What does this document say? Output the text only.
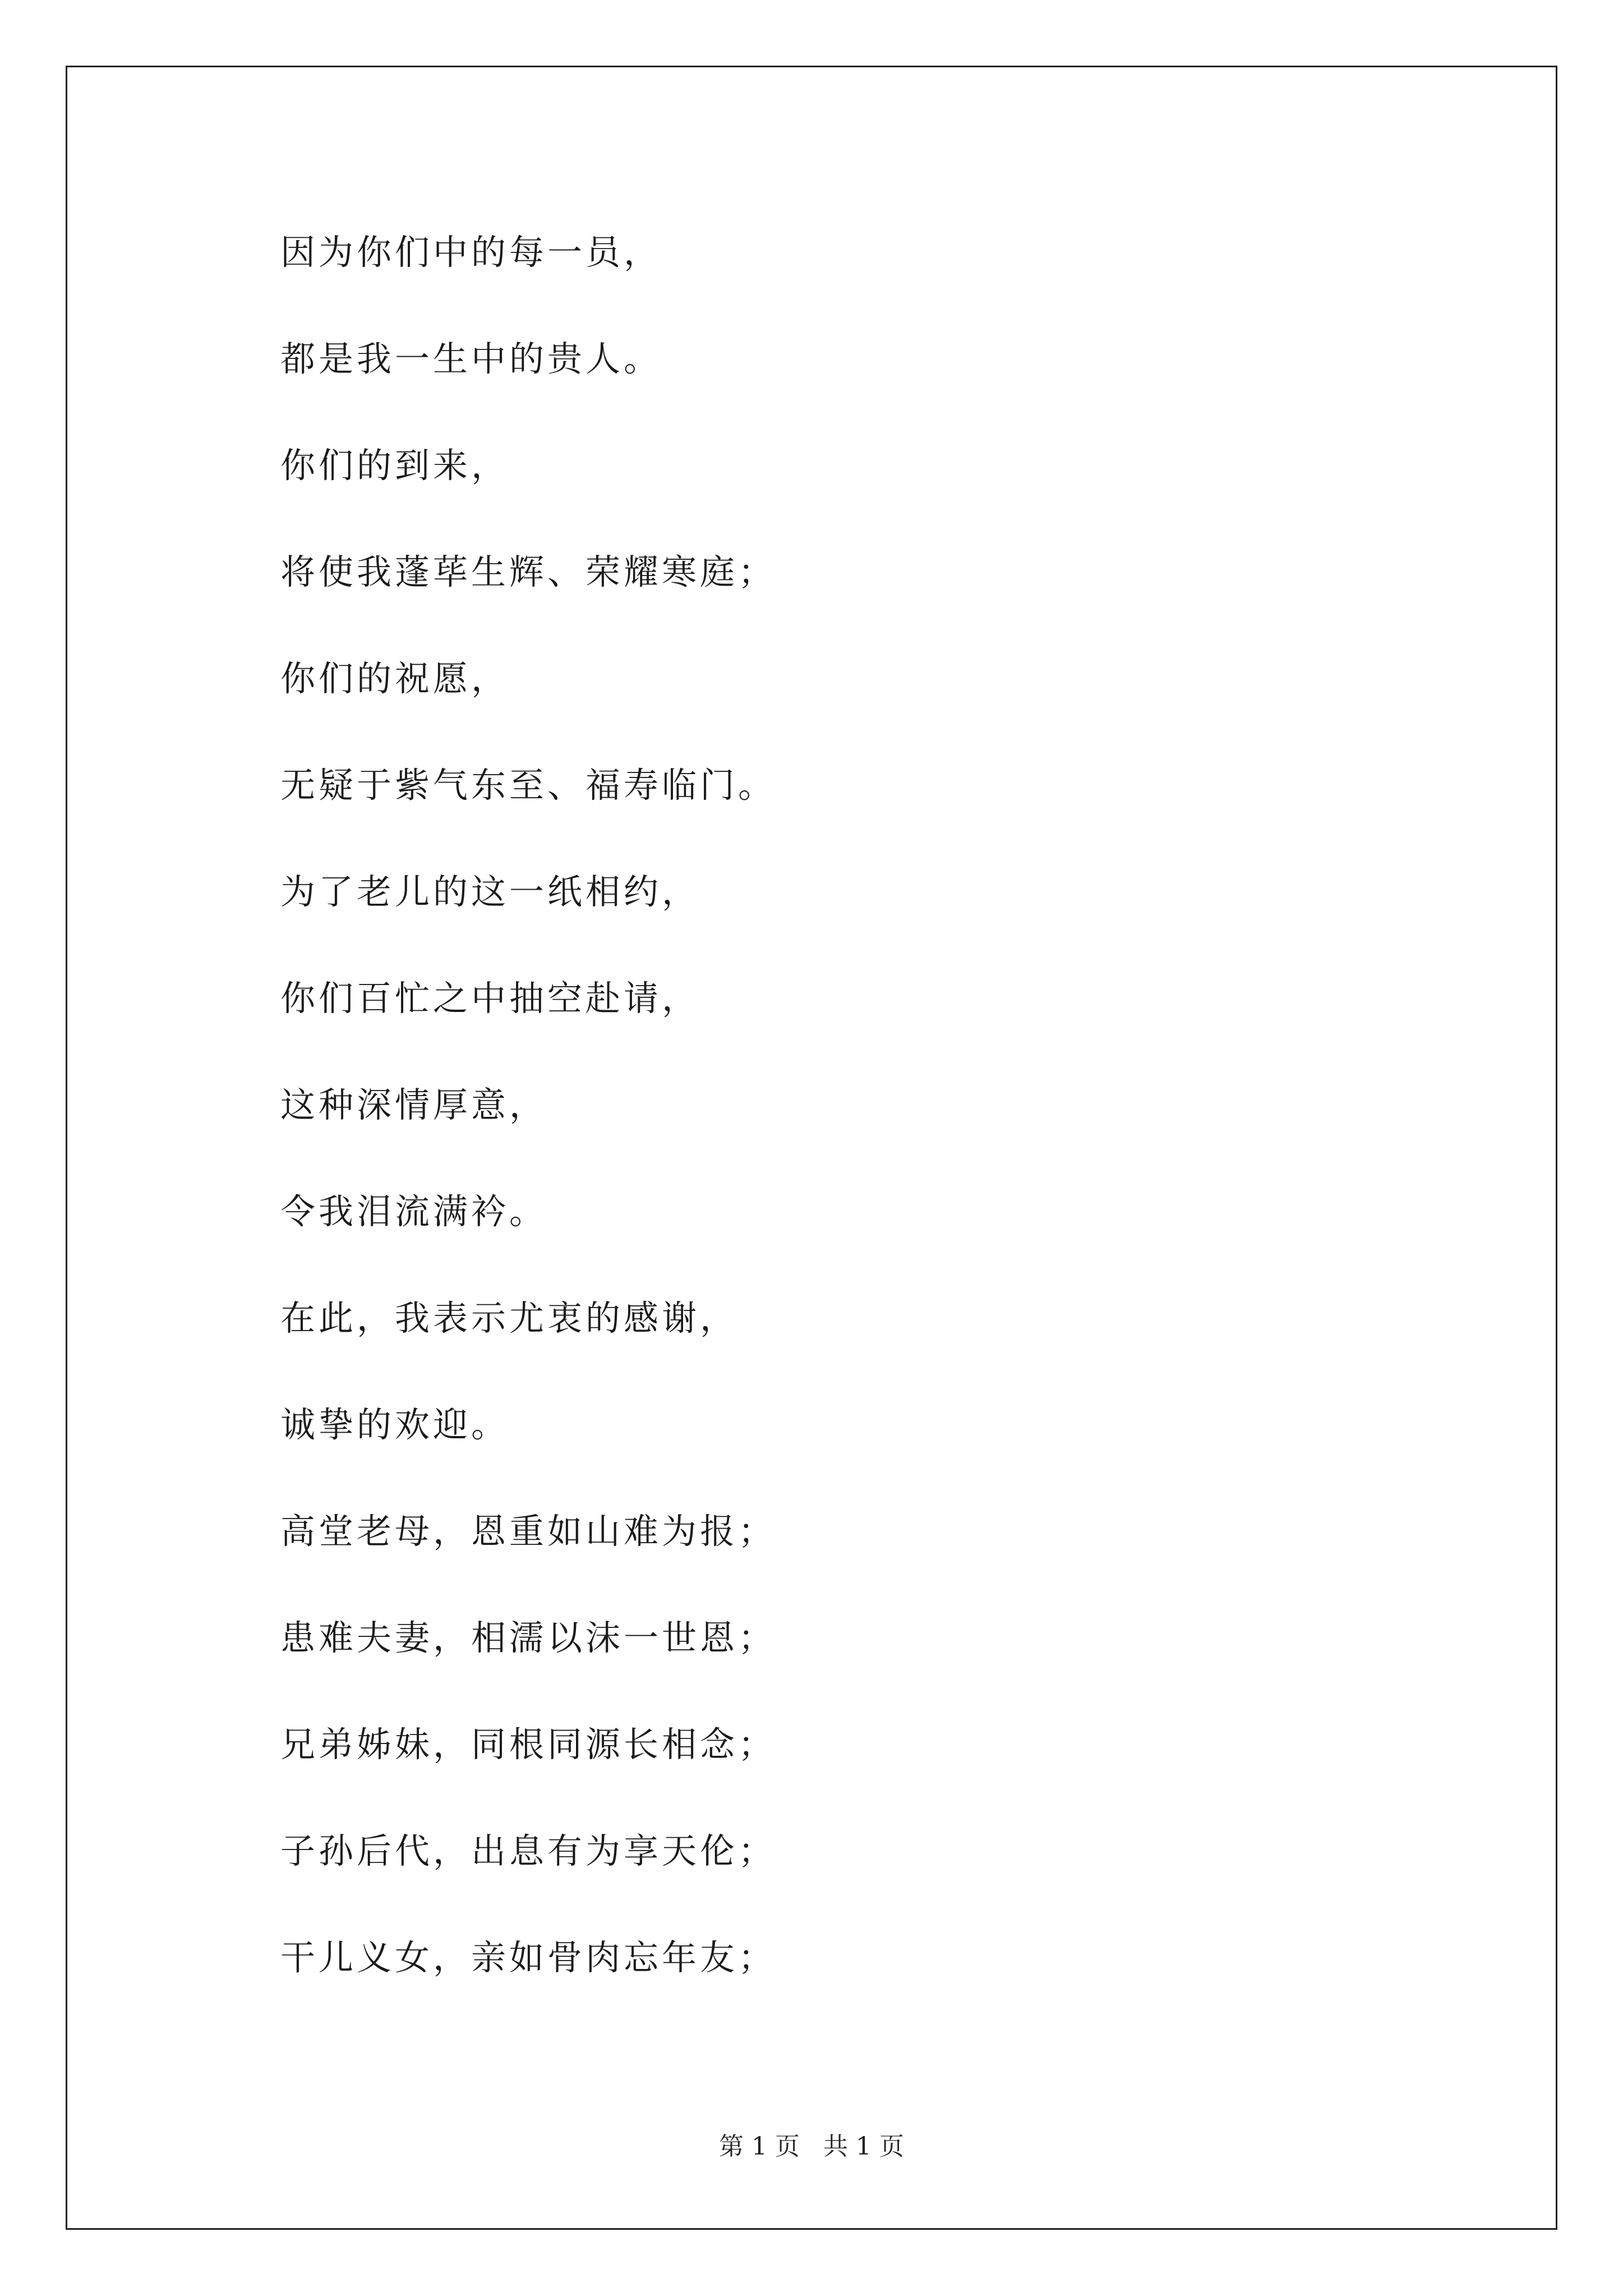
因为你们中的每一员，
都是我一生中的贵人。
你们的到来，
将使我蓬荜生辉、荣耀寒庭；
你们的祝愿，
无疑于紫气东至、福寿临门。
为了老儿的这一纸相约，
你们百忙之中抽空赴请，
这种深情厚意，
令我泪流满衿。
在此，我表示尤衷的感谢，
诚挚的欢迎。
高堂老母，恩重如山难为报；
患难夫妻，相濡以沫一世恩；
兄弟姊妹，同根同源长相念；
子孙后代，出息有为享天伦；
干儿义女，亲如骨肉忘年友；
第 1 页 共 1 页
